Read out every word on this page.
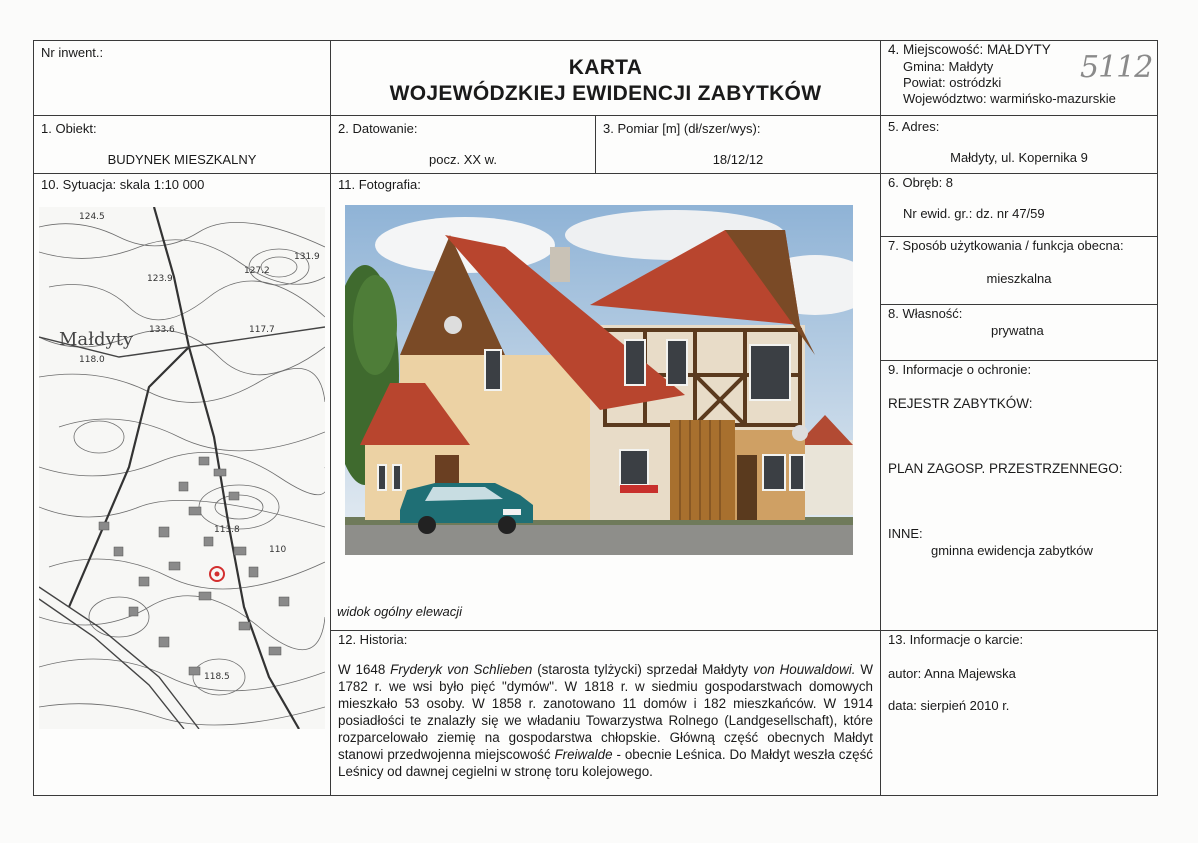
Nr inwent.:
KARTA
WOJEWÓDZKIEJ EWIDENCJI ZABYTKÓW
4. Miejscowość: MAŁDYTY
Gmina: Małdyty
Powiat: ostródzki
Województwo: warmińsko-mazurskie
5112
1. Obiekt:
BUDYNEK MIESZKALNY
2. Datowanie:
pocz. XX w.
3. Pomiar [m] (dł/szer/wys):
18/12/12
5. Adres:
Małdyty, ul. Kopernika 9
10. Sytuacja: skala 1:10 000
Małdyty
124.5
123.9
131.9
127.2
133.6	117.7
118.0
113.8
110
118.5
11. Fotografia:
widok ogólny elewacji
6. Obręb: 8
Nr ewid. gr.: dz. nr 47/59
7. Sposób użytkowania / funkcja obecna:
mieszkalna
8. Własność:
prywatna
9. Informacje o ochronie:
REJESTR ZABYTKÓW:
PLAN ZAGOSP. PRZESTRZENNEGO:
INNE:
gminna ewidencja zabytków
12. Historia:
W 1648 Fryderyk von Schlieben (starosta tylżycki) sprzedał Małdyty von Houwaldowi. W 1782 r. we wsi było pięć "dymów". W 1818 r. w siedmiu gospodarstwach domowych mieszkało 53 osoby. W 1858 r. zanotowano 11 domów i 182 mieszkańców. W 1914 posiadłości te znalazły się we władaniu Towarzystwa Rolnego (Landgesellschaft), które rozparcelowało ziemię na gospodarstwa chłopskie. Główną część obecnych Małdyt stanowi przedwojenna miejscowość Freiwalde - obecnie Leśnica. Do Małdyt weszła część Leśnicy od dawnej cegielni w stronę toru kolejowego.
13. Informacje o karcie:
autor: Anna Majewska
data: sierpień 2010 r.
